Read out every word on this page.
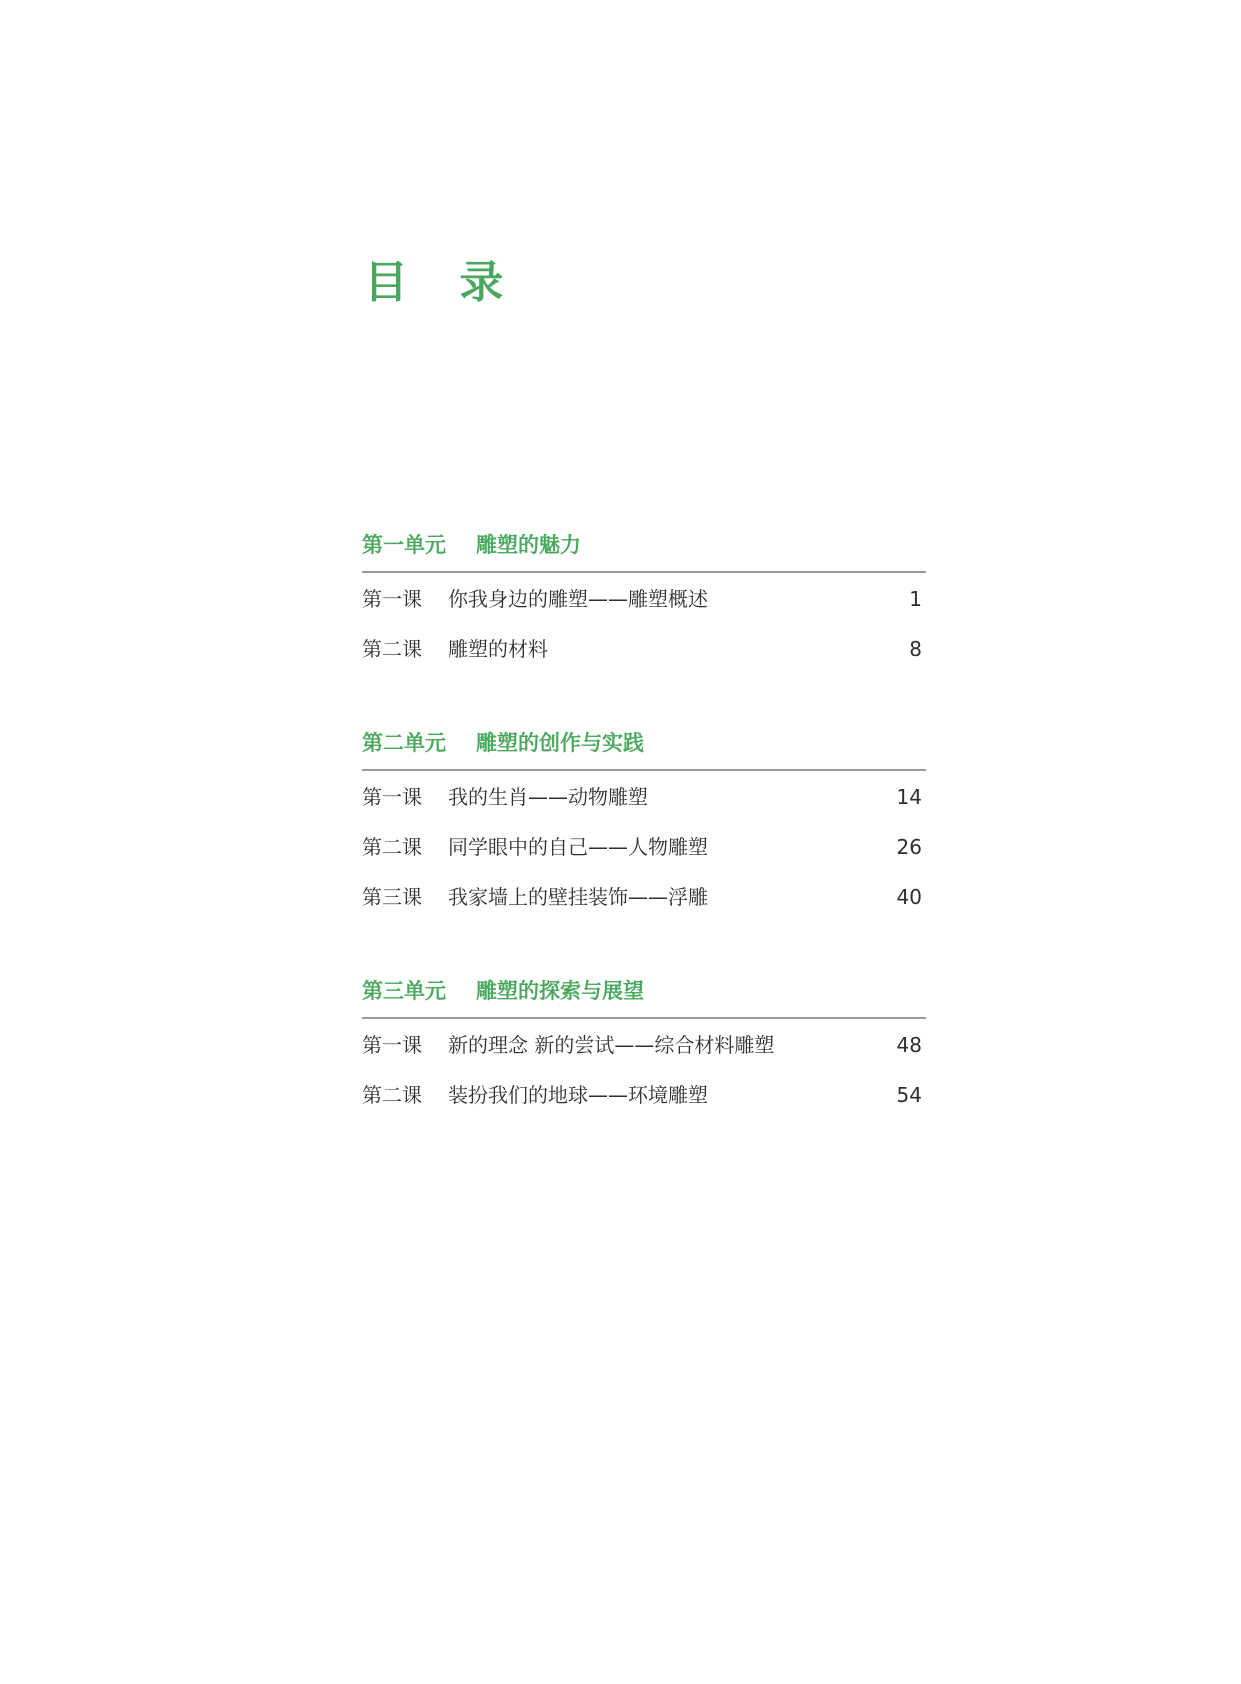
目 录
第一单元 雕塑的魅力
第一课 你我身边的雕塑——雕塑概述	1
第二课 雕塑的材料	8
第二单元 雕塑的创作与实践
第一课 我的生肖——动物雕塑	14
第二课 同学眼中的自己——人物雕塑	26
第三课 我家墙上的壁挂装饰——浮雕	40
第三单元 雕塑的探索与展望
第一课 新的理念 新的尝试——综合材料雕塑	48
第二课 装扮我们的地球——环境雕塑	54
